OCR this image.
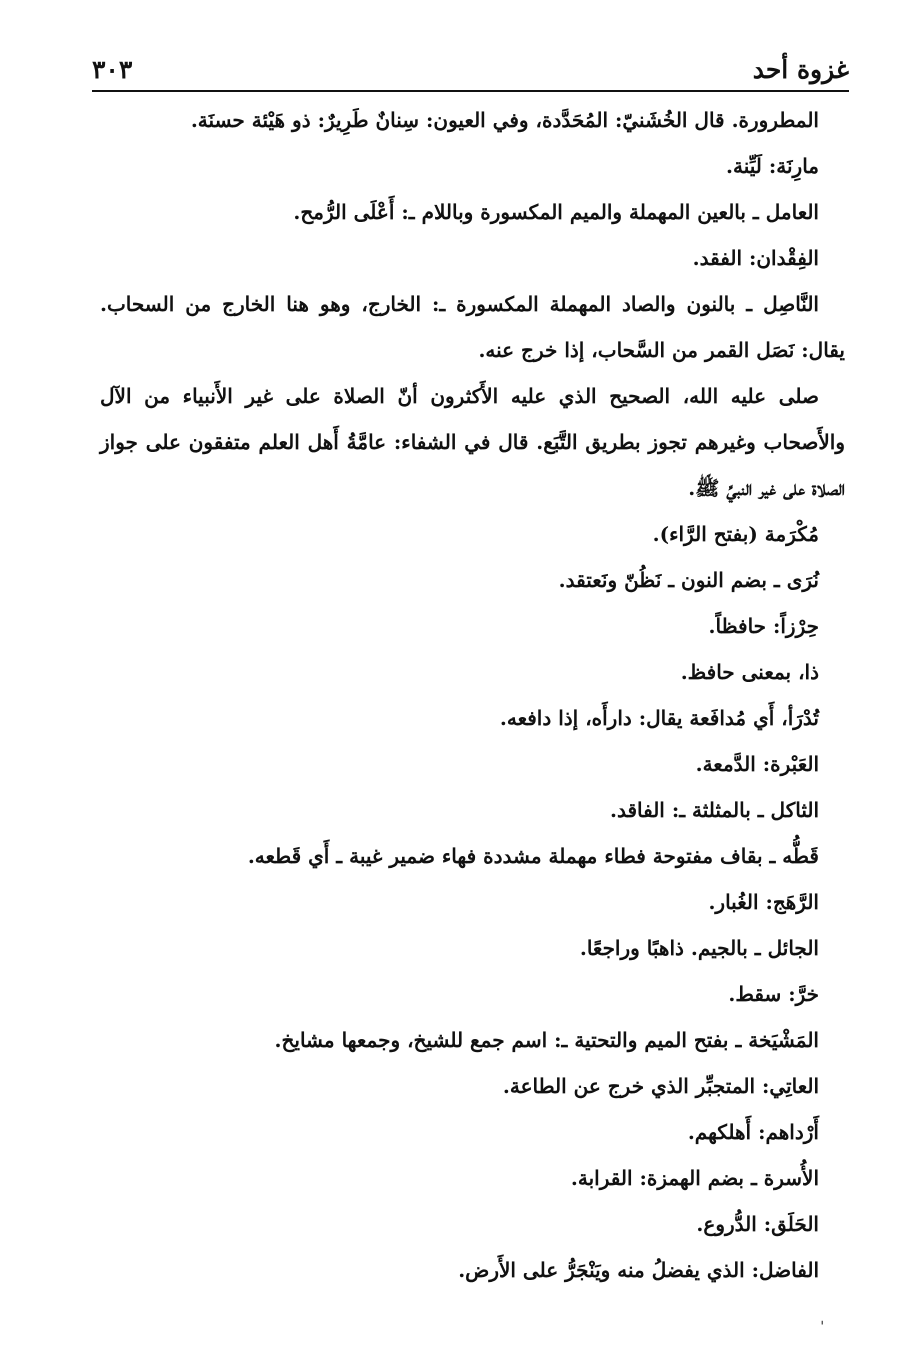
غزوة أحد
٣٠٣

المطرورة. قال الخُشَنيّ: المُحَدَّدة، وفي العيون: سِنانٌ طَرِيرٌ: ذو هَيْئة حسنَة.

مارِنَة: لَيِّنة.

العامل ـ بالعين المهملة والميم المكسورة وباللام ـ: أَعْلَى الرُّمح.

الفِقْدان: الفقد.

النَّاصِل ـ بالنون والصاد المهملة المكسورة ـ: الخارج، وهو هنا الخارج من السحاب.

يقال: نَصَل القمر من السَّحاب، إذا خرج عنه.

صلى عليه الله، الصحيح الذي عليه الأَكثرون أنّ الصلاة على غير الأَنبياء من الآل

والأَصحاب وغيرهم تجوز بطريق التَّبَع. قال في الشفاء: عامَّةُ أَهل العلم متفقون على جواز

الصلاة على غير النبيِّ ﷺ.

مُكْرَمة (بفتح الرَّاء).

نُرَى ـ بضم النون ـ نَظُنّ ونَعتقد.

حِرْزاً: حافظاً.

ذا، بمعنى حافظ.

تُدْرَأ، أَي مُدافَعة يقال: دارأَه، إذا دافعه.

العَبْرة: الدَّمعة.

الثاكل ـ بالمثلثة ـ: الفاقد.

قَطُّه ـ بقاف مفتوحة فطاء مهملة مشددة فهاء ضمير غيبة ـ أَي قَطعه.

الرَّهَج: الغُبار.

الجائل ـ بالجيم. ذاهبًا وراجعًا.

خرَّ: سقط.

المَشْيَخة ـ بفتح الميم والتحتية ـ: اسم جمع للشيخ، وجمعها مشايخ.

العاتِي: المتجبِّر الذي خرج عن الطاعة.

أَرْداهم: أَهلكهم.

الأُسرة ـ بضم الهمزة: القرابة.

الحَلَق: الدُّروع.

الفاضل: الذي يفضلُ منه ويَنْجَرُّ على الأَرض.

ˈ
